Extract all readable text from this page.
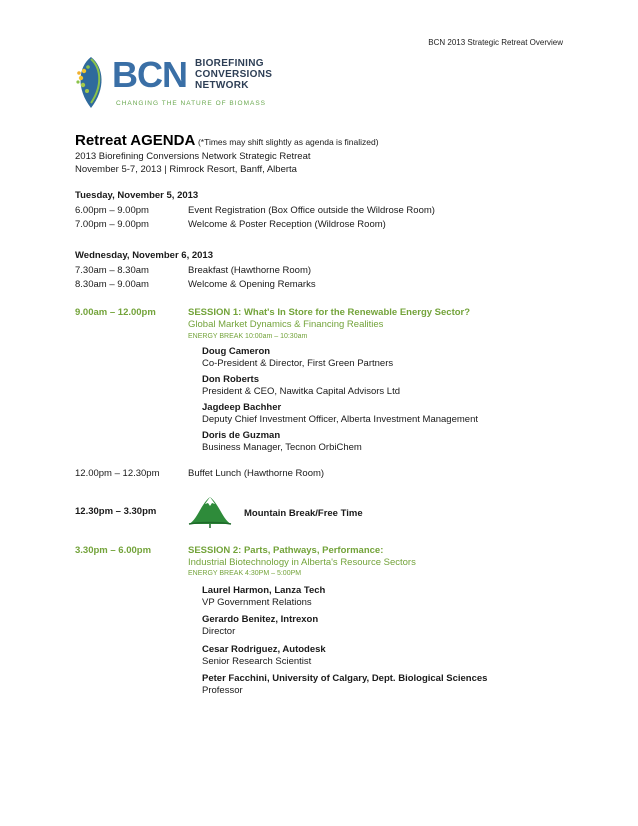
BCN 2013 Strategic Retreat Overview
BCN BIOREFINING
CONVERSIONS
NETWORK
CHANGING THE NATURE OF BIOMASS
Retreat AGENDA (*Times may shift slightly as agenda is finalized)
2013 Biorefining Conversions Network Strategic Retreat
November 5-7, 2013 | Rimrock Resort, Banff, Alberta
Tuesday, November 5, 2013
6.00pm – 9.00pm	Event Registration (Box Office outside the Wildrose Room)
7.00pm – 9.00pm	Welcome & Poster Reception (Wildrose Room)
Wednesday, November 6, 2013
7.30am – 8.30am	Breakfast (Hawthorne Room)
8.30am – 9.00am	Welcome & Opening Remarks
9.00am – 12.00pm	SESSION 1: What's In Store for the Renewable Energy Sector?
Global Market Dynamics & Financing Realities
ENERGY BREAK 10:00am – 10:30am
Doug Cameron
Co-President & Director, First Green Partners
Don Roberts
President & CEO, Nawitka Capital Advisors Ltd
Jagdeep Bachher
Deputy Chief Investment Officer, Alberta Investment Management
Doris de Guzman
Business Manager, Tecnon OrbiChem
12.00pm – 12.30pm	Buffet Lunch (Hawthorne Room)
12.30pm – 3.30pm	Mountain Break/Free Time
3.30pm – 6.00pm	SESSION 2: Parts, Pathways, Performance:
Industrial Biotechnology in Alberta's Resource Sectors
ENERGY BREAK 4:30PM – 5:00PM
Laurel Harmon, Lanza Tech
VP Government Relations
Gerardo Benitez, Intrexon
Director
Cesar Rodriguez, Autodesk
Senior Research Scientist
Peter Facchini, University of Calgary, Dept. Biological Sciences
Professor
